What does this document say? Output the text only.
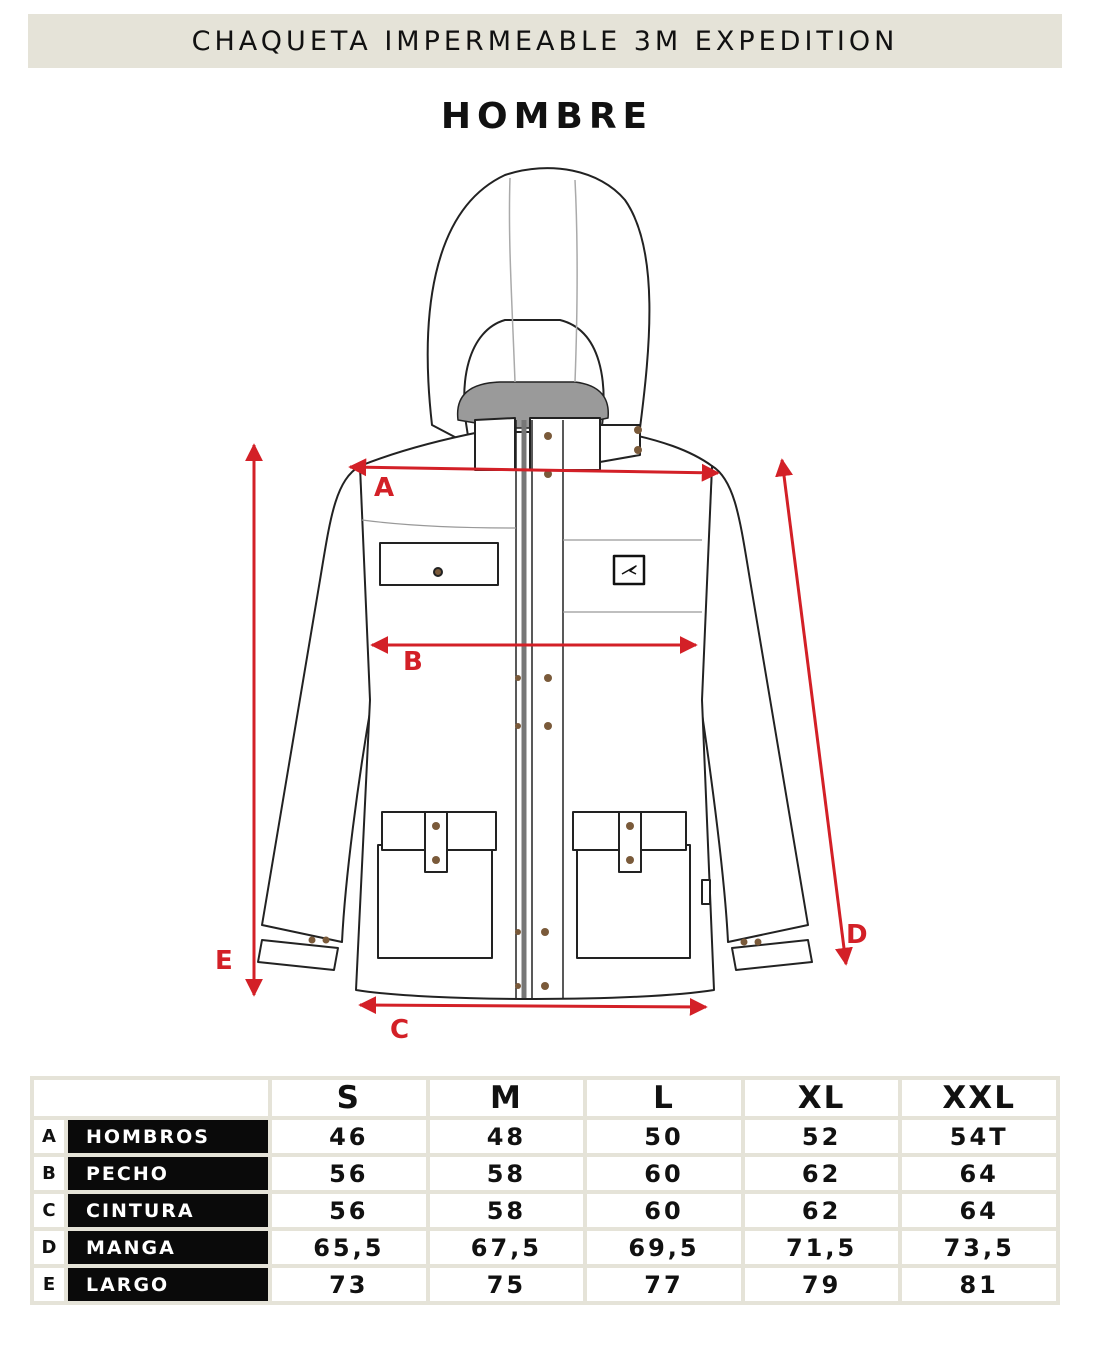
CHAQUETA IMPERMEABLE 3M EXPEDITION
HOMBRE
A
B
C
D
E
		S	M	L	XL	XXL
A	HOMBROS	46	48	50	52	54T
B	PECHO	56	58	60	62	64
C	CINTURA	56	58	60	62	64
D	MANGA	65,5	67,5	69,5	71,5	73,5
E	LARGO	73	75	77	79	81
